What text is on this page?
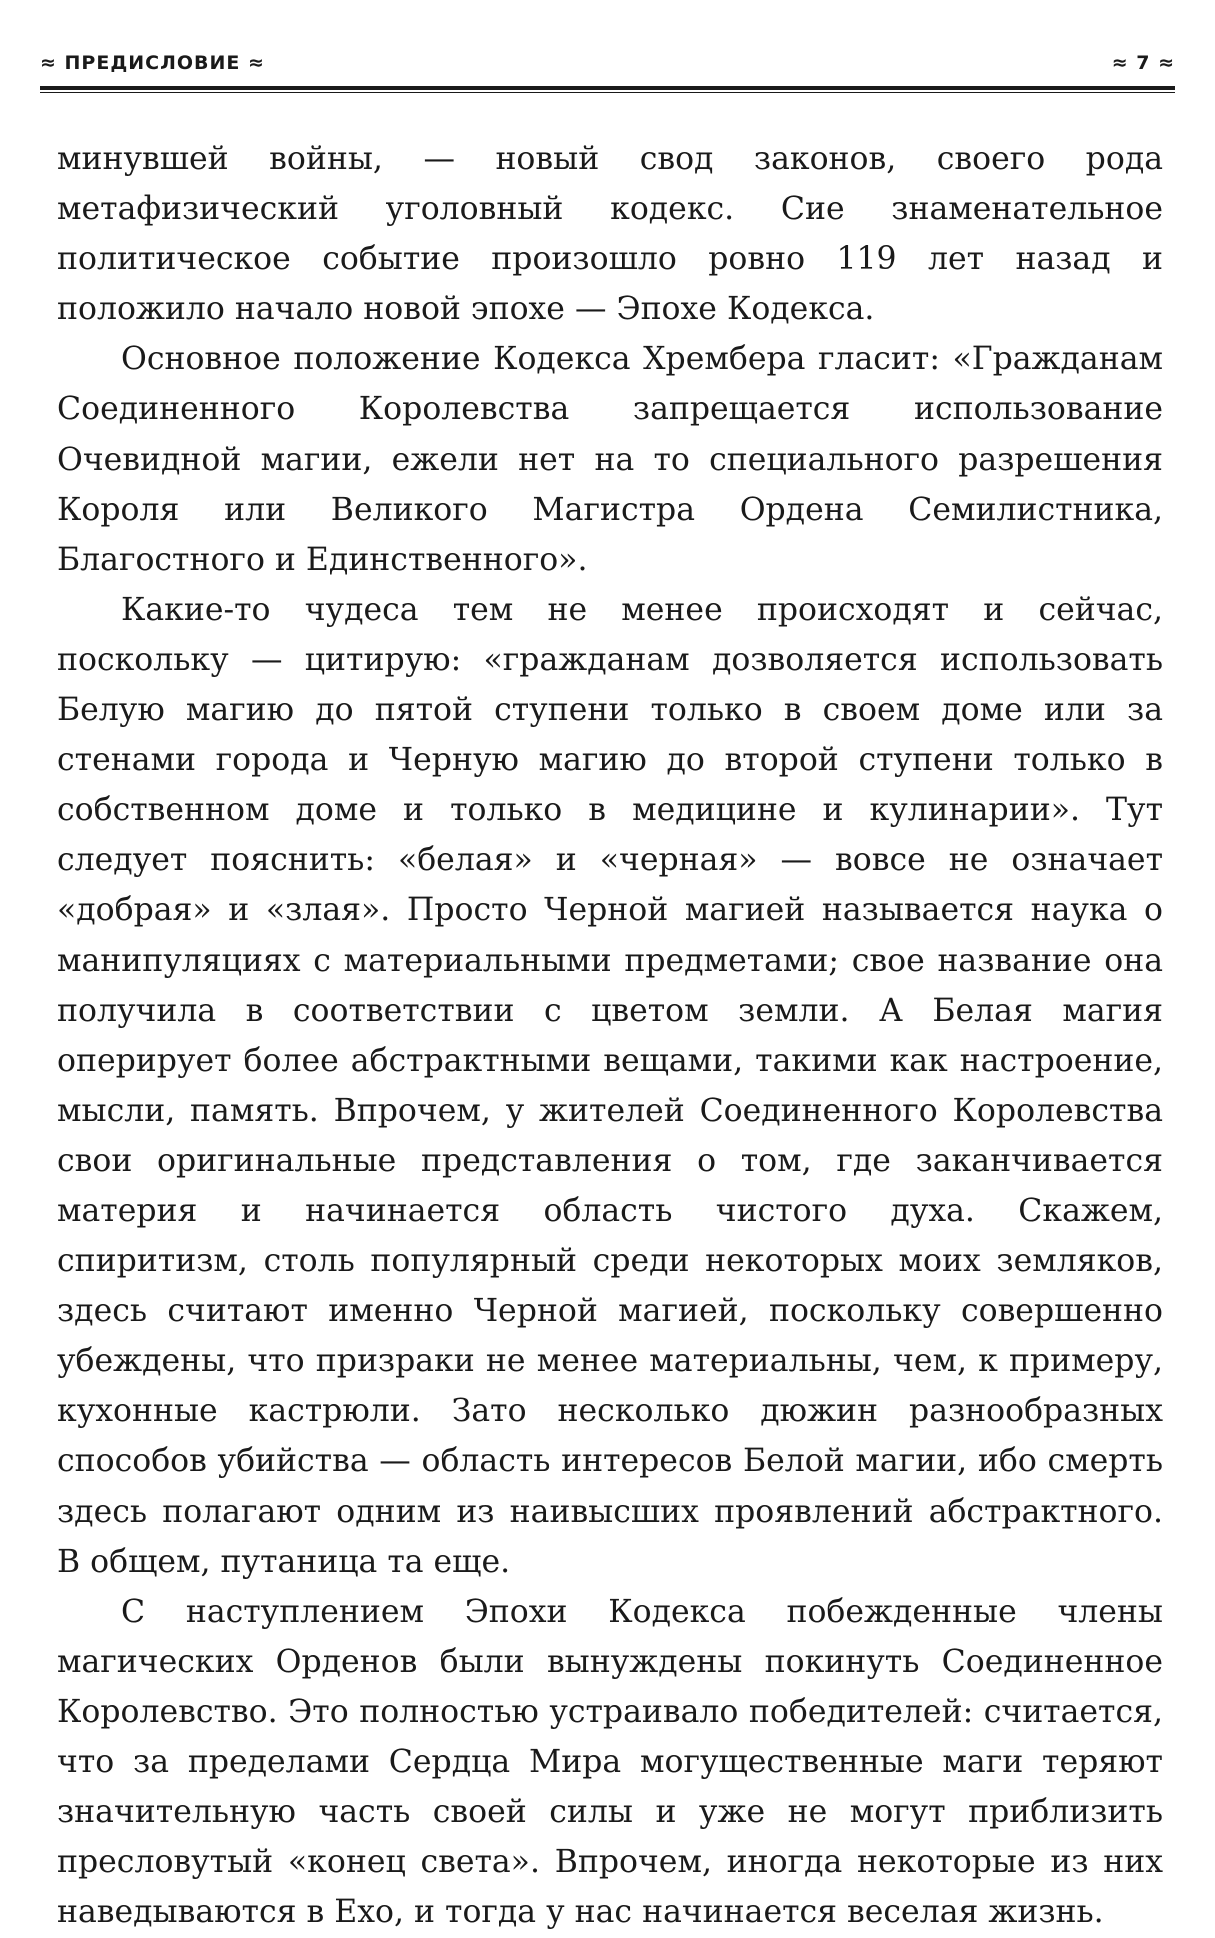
≈ ПРЕДИСЛОВИЕ ≈	≈ 7 ≈

минувшей войны, — новый свод законов, своего рода метафизический уголовный кодекс. Сие знаменательное политическое событие произошло ровно 119 лет назад и положило начало новой эпохе — Эпохе Кодекса.

Основное положение Кодекса Хрембера гласит: «Гражданам Соединенного Королевства запрещается использование Очевидной магии, ежели нет на то специального разрешения Короля или Великого Магистра Ордена Семилистника, Благостного и Единственного».

Какие-то чудеса тем не менее происходят и сейчас, поскольку — цитирую: «гражданам дозволяется использовать Белую магию до пятой ступени только в своем доме или за стенами города и Черную магию до второй ступени только в собственном доме и только в медицине и кулинарии». Тут следует пояснить: «белая» и «черная» — вовсе не означает «добрая» и «злая». Просто Черной магией называется наука о манипуляциях с материальными предметами; свое название она получила в соответствии с цветом земли. А Белая магия оперирует более абстрактными вещами, такими как настроение, мысли, память. Впрочем, у жителей Соединенного Королевства свои оригинальные представления о том, где заканчивается материя и начинается область чистого духа. Скажем, спиритизм, столь популярный среди некоторых моих земляков, здесь считают именно Черной магией, поскольку совершенно убеждены, что призраки не менее материальны, чем, к примеру, кухонные кастрюли. Зато несколько дюжин разнообразных способов убийства — область интересов Белой магии, ибо смерть здесь полагают одним из наивысших проявлений абстрактного. В общем, путаница та еще.

С наступлением Эпохи Кодекса побежденные члены магических Орденов были вынуждены покинуть Соединенное Королевство. Это полностью устраивало победителей: считается, что за пределами Сердца Мира могущественные маги теряют значительную часть своей силы и уже не могут приблизить пресловутый «конец света». Впрочем, иногда некоторые из них наведываются в Ехо, и тогда у нас начинается веселая жизнь.
